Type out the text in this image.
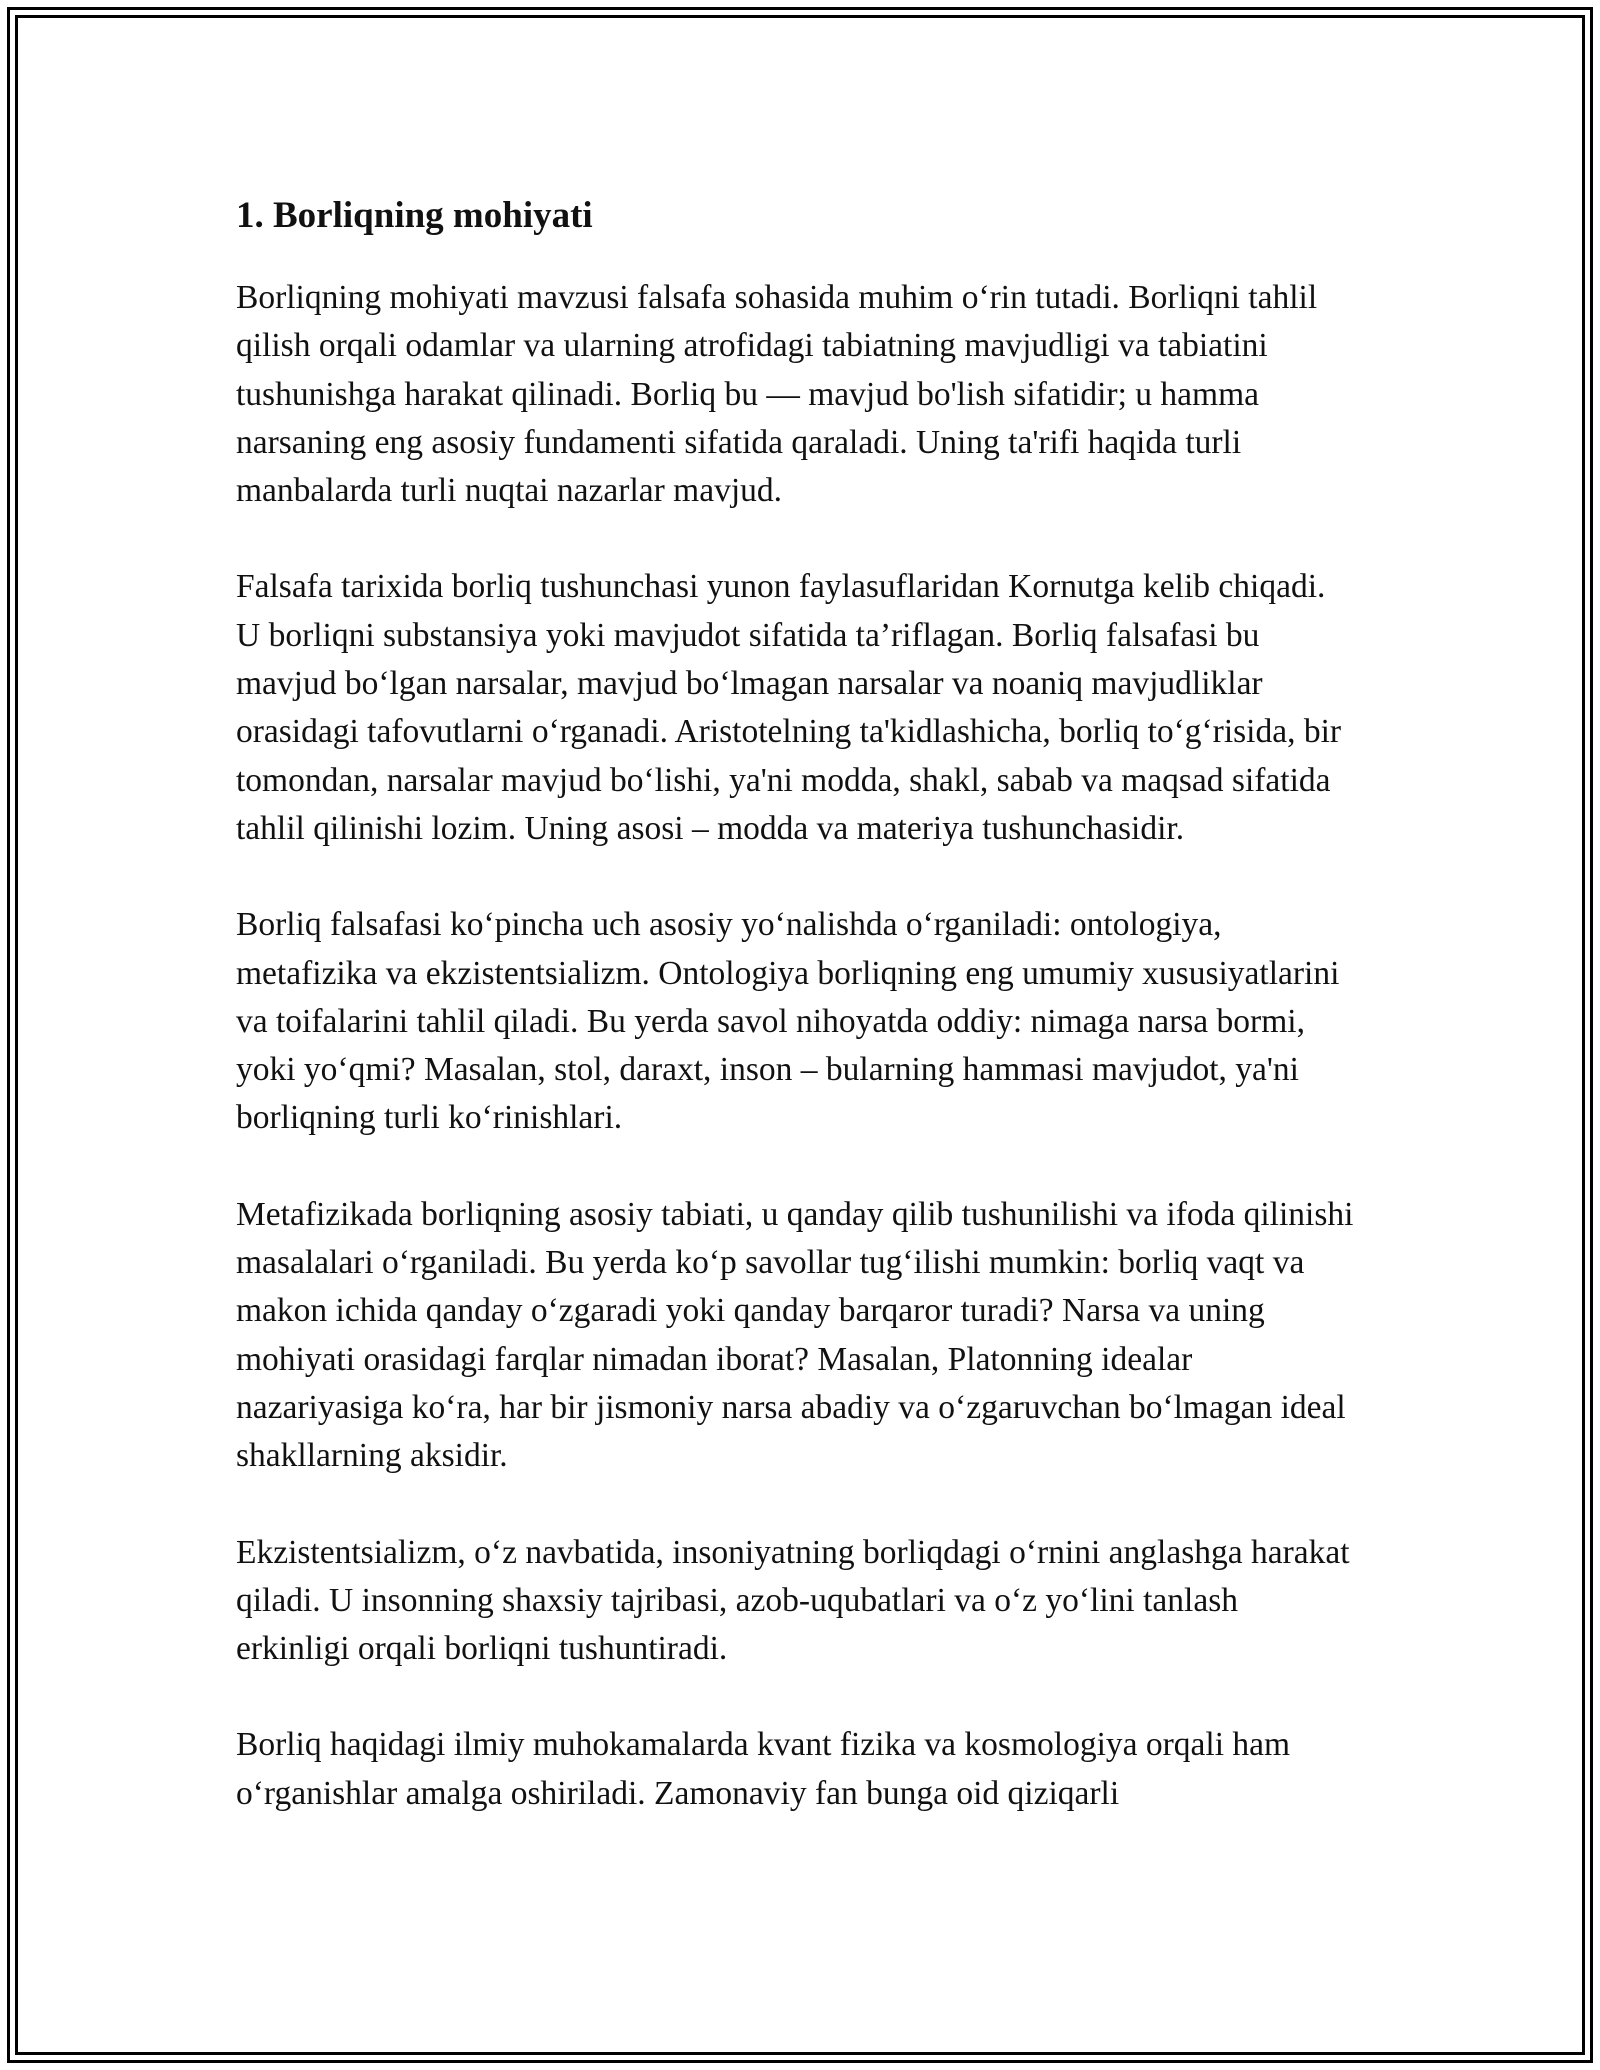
1. Borliqning mohiyati

Borliqning mohiyati mavzusi falsafa sohasida muhim o‘rin tutadi. Borliqni tahlil qilish orqali odamlar va ularning atrofidagi tabiatning mavjudligi va tabiatini tushunishga harakat qilinadi. Borliq bu — mavjud bo'lish sifatidir; u hamma narsaning eng asosiy fundamenti sifatida qaraladi. Uning ta'rifi haqida turli manbalarda turli nuqtai nazarlar mavjud.

Falsafa tarixida borliq tushunchasi yunon faylasuflaridan Kornutga kelib chiqadi. U borliqni substansiya yoki mavjudot sifatida ta’riflagan. Borliq falsafasi bu mavjud bo‘lgan narsalar, mavjud bo‘lmagan narsalar va noaniq mavjudliklar orasidagi tafovutlarni o‘rganadi. Aristotelning ta'kidlashicha, borliq to‘g‘risida, bir tomondan, narsalar mavjud bo‘lishi, ya'ni modda, shakl, sabab va maqsad sifatida tahlil qilinishi lozim. Uning asosi – modda va materiya tushunchasidir.

Borliq falsafasi ko‘pincha uch asosiy yo‘nalishda o‘rganiladi: ontologiya, metafizika va ekzistentsializm. Ontologiya borliqning eng umumiy xususiyatlarini va toifalarini tahlil qiladi. Bu yerda savol nihoyatda oddiy: nimaga narsa bormi, yoki yo‘qmi? Masalan, stol, daraxt, inson – bularning hammasi mavjudot, ya'ni borliqning turli ko‘rinishlari.

Metafizikada borliqning asosiy tabiati, u qanday qilib tushunilishi va ifoda qilinishi masalalari o‘rganiladi. Bu yerda ko‘p savollar tug‘ilishi mumkin: borliq vaqt va makon ichida qanday o‘zgaradi yoki qanday barqaror turadi? Narsa va uning mohiyati orasidagi farqlar nimadan iborat? Masalan, Platonning idealar nazariyasiga ko‘ra, har bir jismoniy narsa abadiy va o‘zgaruvchan bo‘lmagan ideal shakllarning aksidir.

Ekzistentsializm, o‘z navbatida, insoniyatning borliqdagi o‘rnini anglashga harakat qiladi. U insonning shaxsiy tajribasi, azob-uqubatlari va o‘z yo‘lini tanlash erkinligi orqali borliqni tushuntiradi.

Borliq haqidagi ilmiy muhokamalarda kvant fizika va kosmologiya orqali ham o‘rganishlar amalga oshiriladi. Zamonaviy fan bunga oid qiziqarli
